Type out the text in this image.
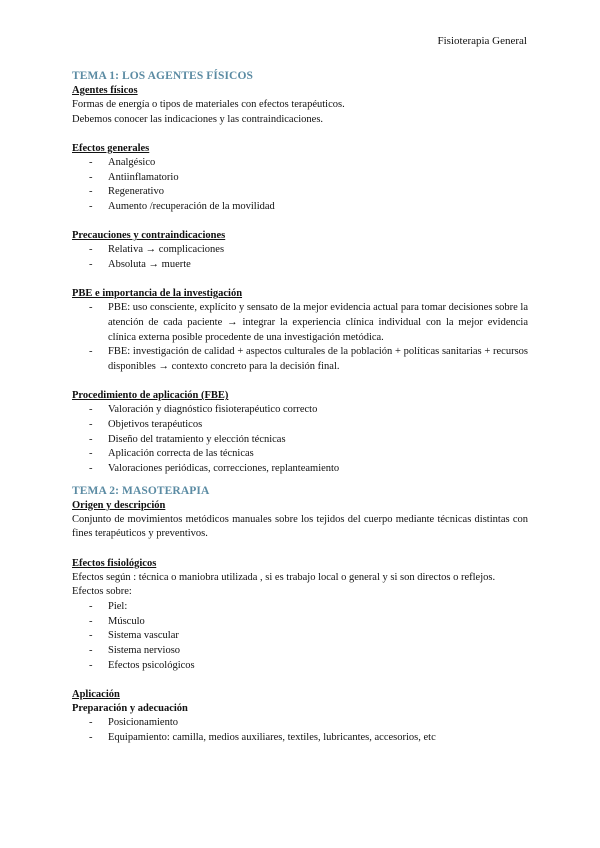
Fisioterapia General
TEMA 1: LOS AGENTES FÍSICOS
Agentes físicos

Formas de energía o tipos de materiales con efectos terapéuticos.

Debemos conocer las indicaciones y las contraindicaciones.

Efectos generales
- Analgésico
- Antiinflamatorio
- Regenerativo
- Aumento /recuperación de la movilidad
Precauciones y contraindicaciones
- Relativa → complicaciones
- Absoluta → muerte
PBE e importancia de la investigación
- PBE: uso consciente, explícito y sensato de la mejor evidencia actual para tomar decisiones sobre la atención de cada paciente → integrar la experiencia clínica individual con la mejor evidencia clínica externa posible procedente de una investigación metódica.
- FBE: investigación de calidad + aspectos culturales de la población + políticas sanitarias + recursos disponibles → contexto concreto para la decisión final.
Procedimiento de aplicación (FBE)
- Valoración y diagnóstico fisioterapéutico correcto
- Objetivos terapéuticos
- Diseño del tratamiento y elección técnicas
- Aplicación correcta de las técnicas
- Valoraciones periódicas, correcciones, replanteamiento
TEMA 2: MASOTERAPIA
Origen y descripción

Conjunto de movimientos metódicos manuales sobre los tejidos del cuerpo mediante técnicas distintas con fines terapéuticos y preventivos.

Efectos fisiológicos

Efectos según : técnica o maniobra utilizada , si es trabajo local o general y si son directos o reflejos.

Efectos sobre:

- Piel:
- Músculo
- Sistema vascular
- Sistema nervioso
- Efectos psicológicos
Aplicación
Preparación y adecuación
- Posicionamiento
- Equipamiento: camilla, medios auxiliares, textiles, lubricantes, accesorios, etc
